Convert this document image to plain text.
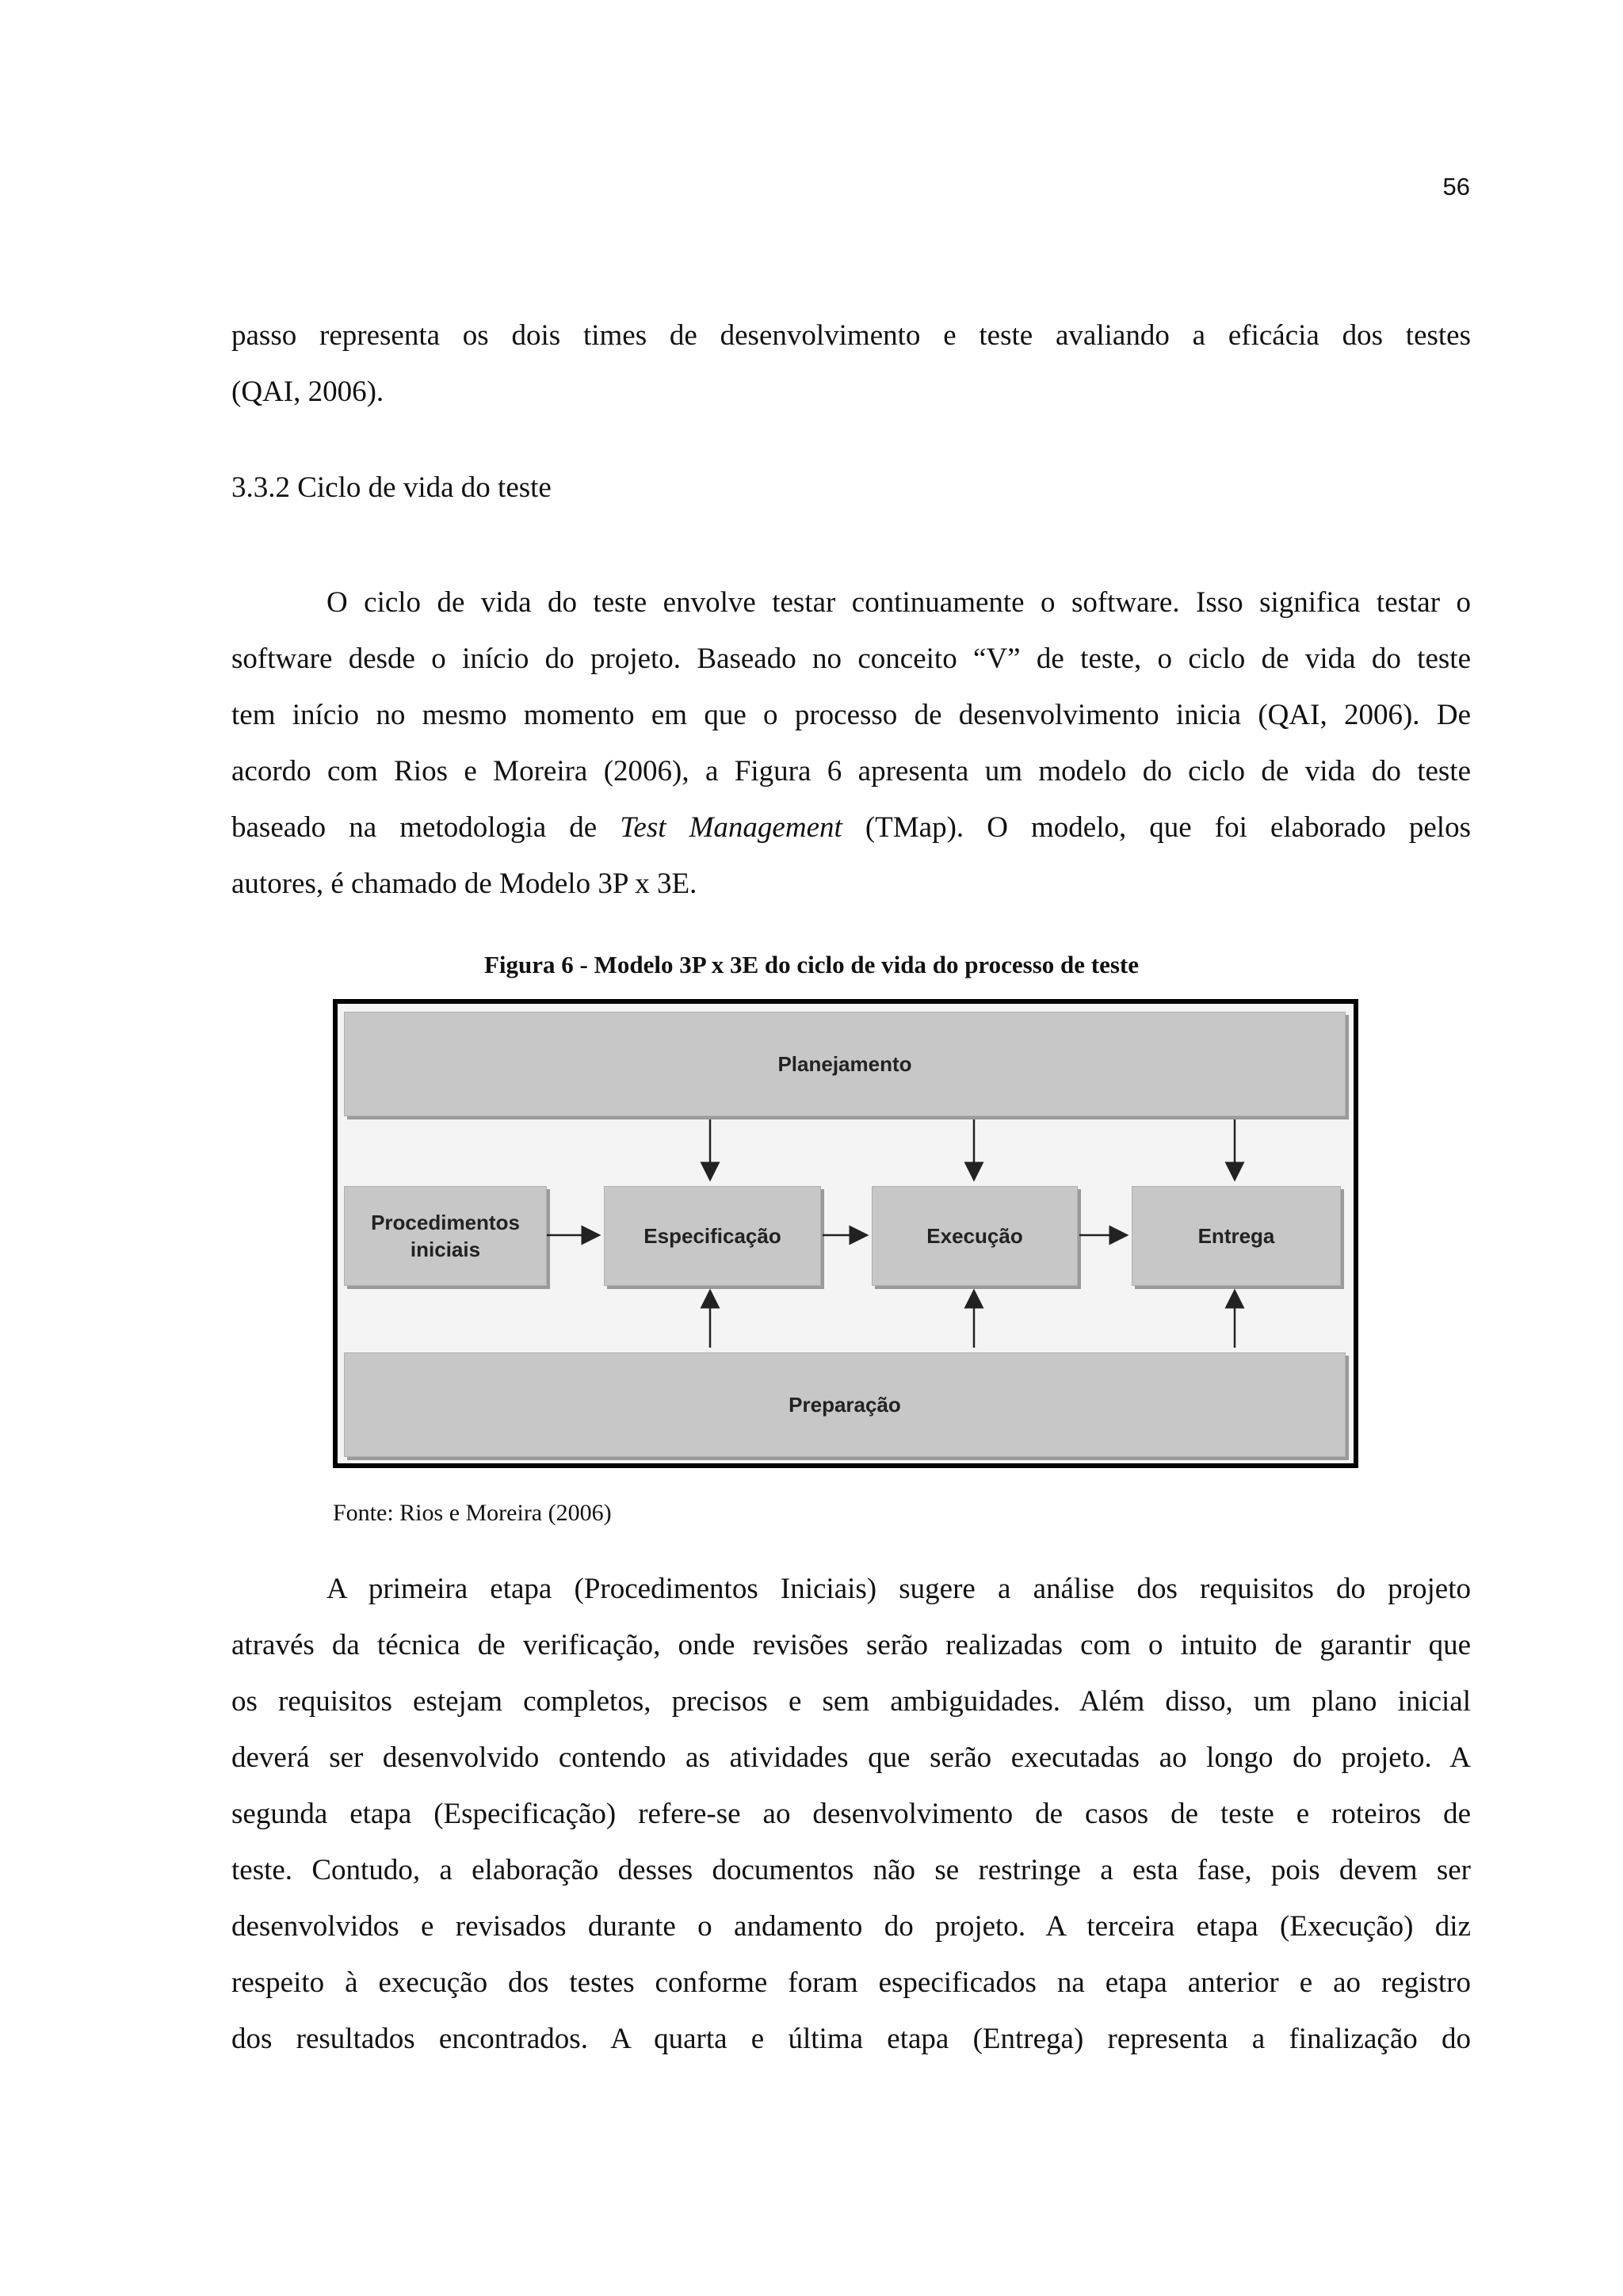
56

passo representa os dois times de desenvolvimento e teste avaliando a eficácia dos testes
(QAI, 2006).

3.3.2 Ciclo de vida do teste

O ciclo de vida do teste envolve testar continuamente o software. Isso significa testar o
software desde o início do projeto. Baseado no conceito “V” de teste, o ciclo de vida do teste
tem início no mesmo momento em que o processo de desenvolvimento inicia (QAI, 2006). De
acordo com Rios e Moreira (2006), a Figura 6 apresenta um modelo do ciclo de vida do teste
baseado na metodologia de Test Management (TMap). O modelo, que foi elaborado pelos
autores, é chamado de Modelo 3P x 3E.

Figura 6 - Modelo 3P x 3E do ciclo de vida do processo de teste
Planejamento
Procedimentos iniciais
Especificação	Execução	Entrega
Preparação
Fonte: Rios e Moreira (2006)

A primeira etapa (Procedimentos Iniciais) sugere a análise dos requisitos do projeto
através da técnica de verificação, onde revisões serão realizadas com o intuito de garantir que
os requisitos estejam completos, precisos e sem ambiguidades. Além disso, um plano inicial
deverá ser desenvolvido contendo as atividades que serão executadas ao longo do projeto. A
segunda etapa (Especificação) refere-se ao desenvolvimento de casos de teste e roteiros de
teste. Contudo, a elaboração desses documentos não se restringe a esta fase, pois devem ser
desenvolvidos e revisados durante o andamento do projeto. A terceira etapa (Execução) diz
respeito à execução dos testes conforme foram especificados na etapa anterior e ao registro
dos resultados encontrados. A quarta e última etapa (Entrega) representa a finalização do
